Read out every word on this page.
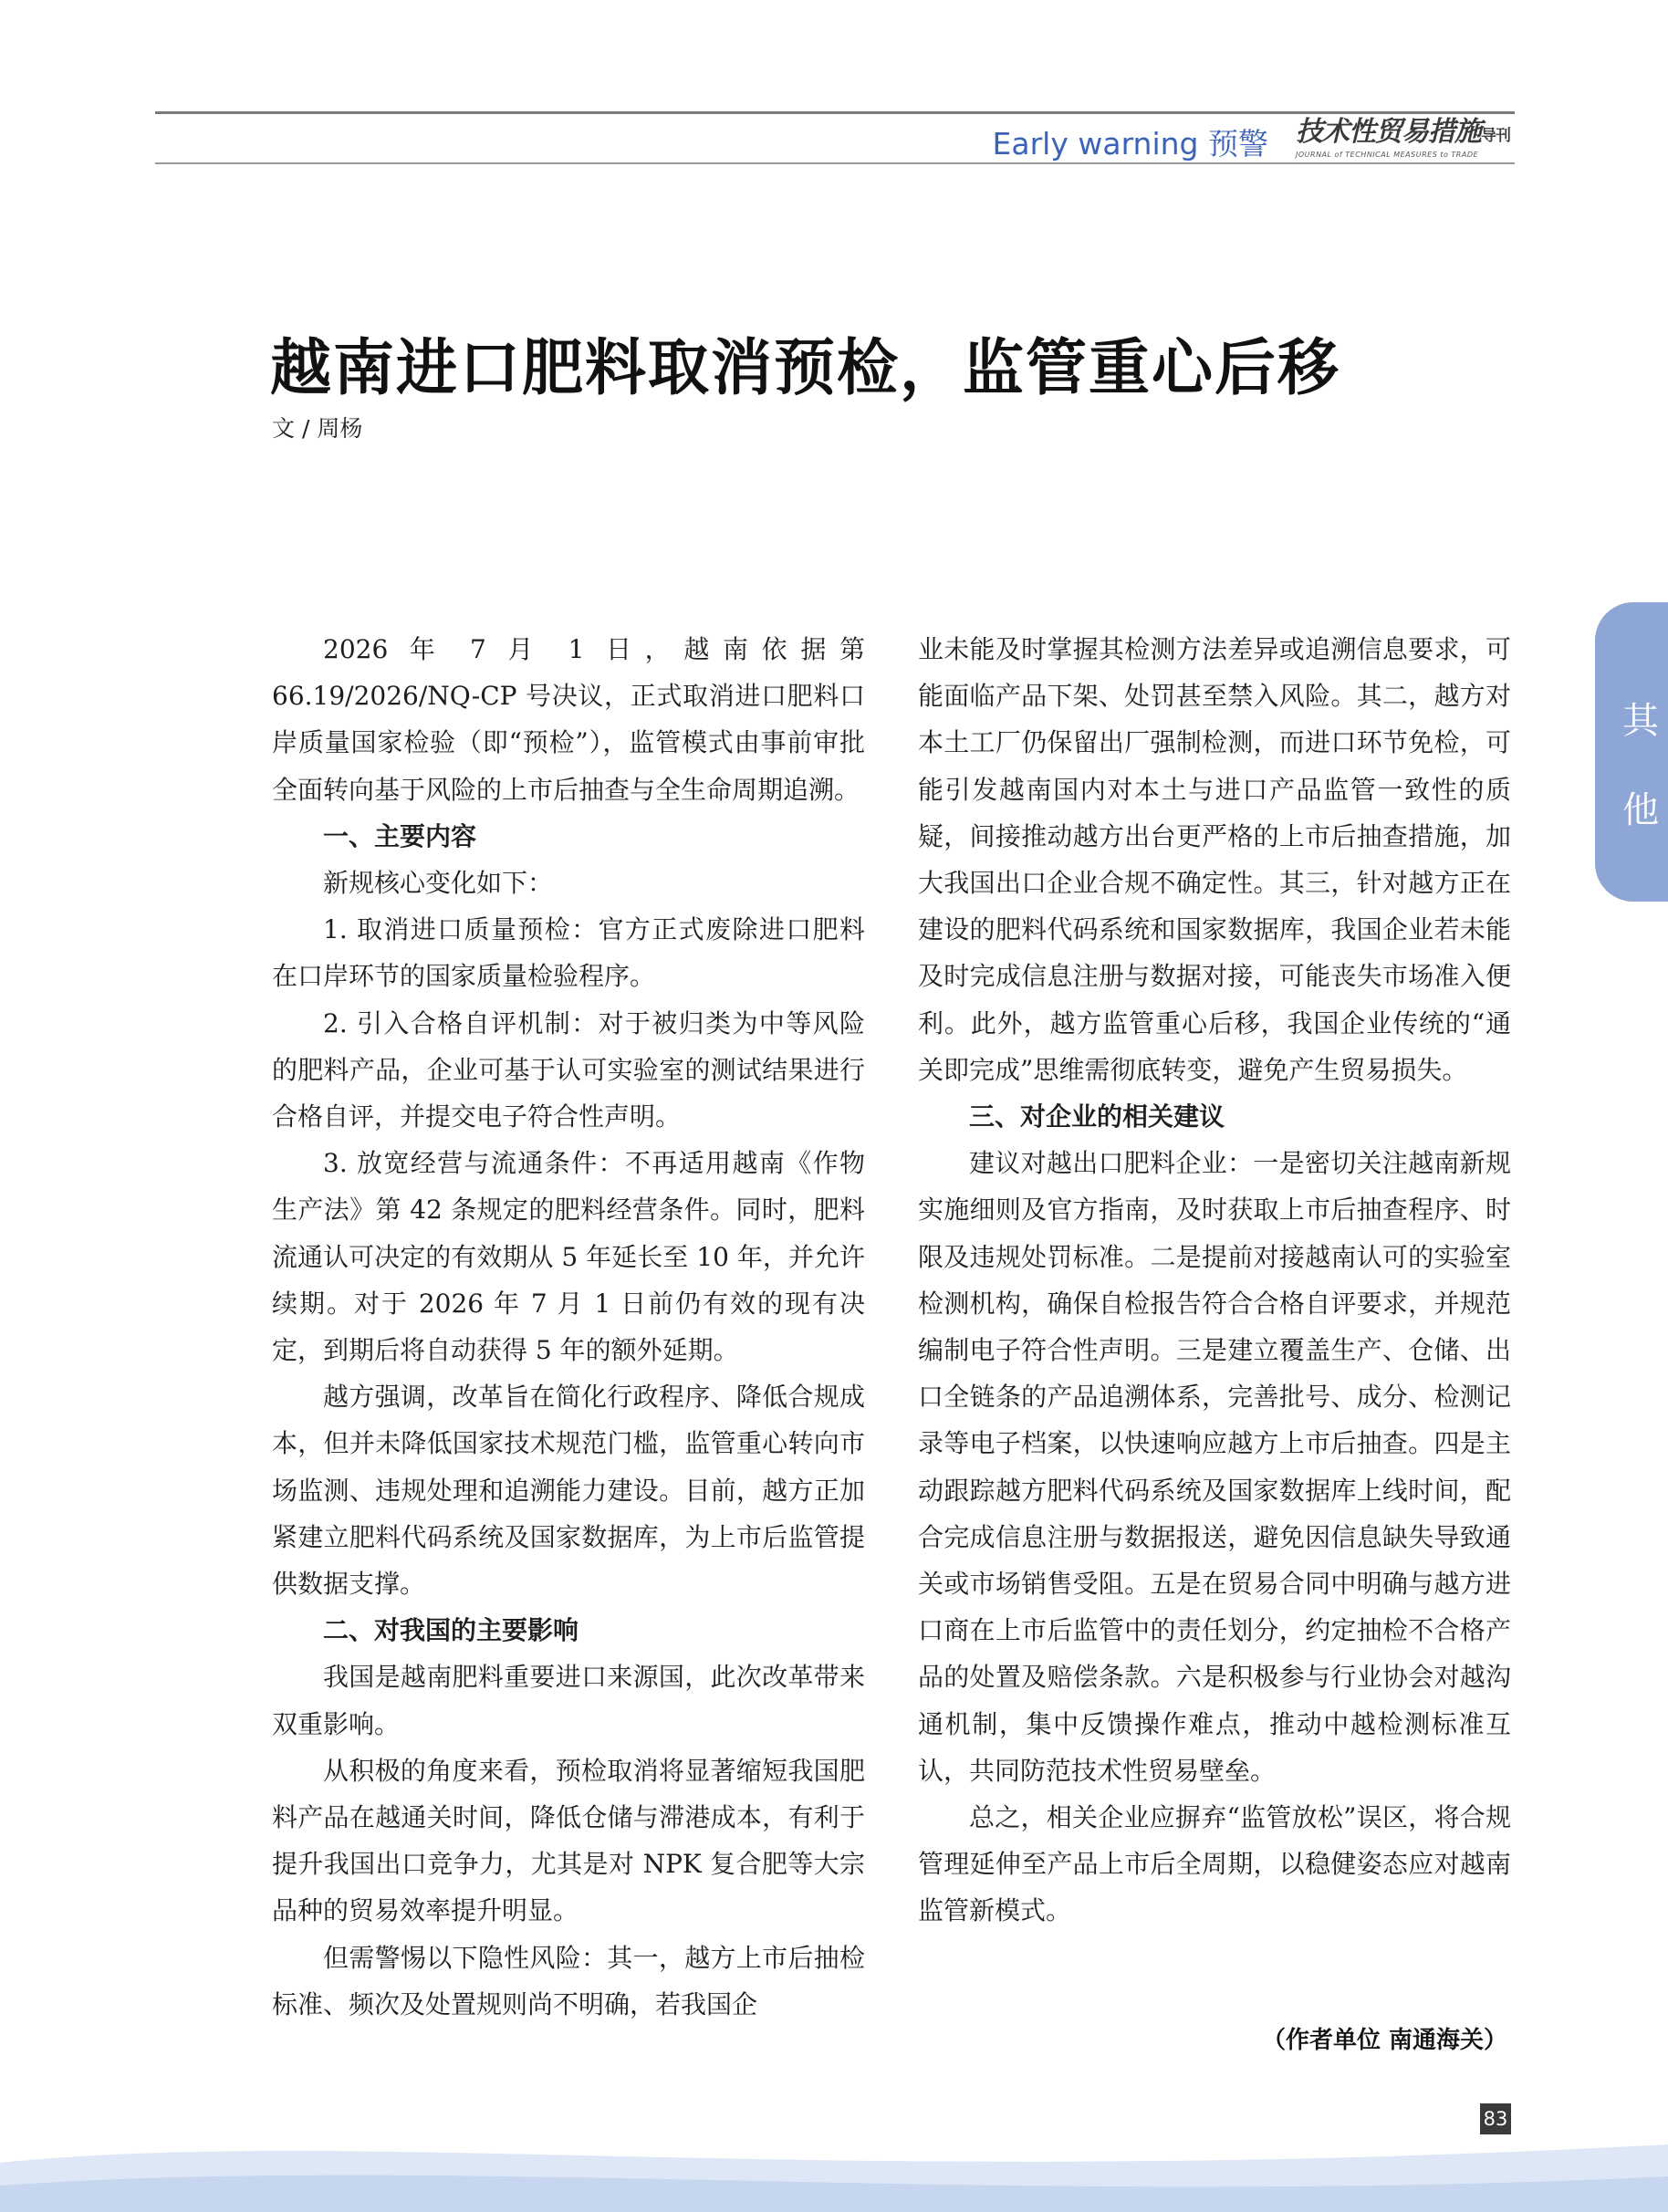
Early warning 预警 技术性贸易措施导刊
JOURNAL of TECHNICAL MEASURES to TRADE
其
他
越南进口肥料取消预检，监管重心后移
文 / 周杨

2026 年 7 月 1 日，越南依据第 66.19/2026/NQ-CP 号决议，正式取消进口肥料口岸质量国家检验（即“预检”），监管模式由事前审批全面转向基于风险的上市后抽查与全生命周期追溯。

一、主要内容

新规核心变化如下：

1. 取消进口质量预检：官方正式废除进口肥料在口岸环节的国家质量检验程序。

2. 引入合格自评机制：对于被归类为中等风险的肥料产品，企业可基于认可实验室的测试结果进行合格自评，并提交电子符合性声明。

3. 放宽经营与流通条件：不再适用越南《作物生产法》第 42 条规定的肥料经营条件。同时，肥料流通认可决定的有效期从 5 年延长至 10 年，并允许续期。对于 2026 年 7 月 1 日前仍有效的现有决定，到期后将自动获得 5 年的额外延期。

越方强调，改革旨在简化行政程序、降低合规成本，但并未降低国家技术规范门槛，监管重心转向市场监测、违规处理和追溯能力建设。目前，越方正加紧建立肥料代码系统及国家数据库，为上市后监管提供数据支撑。

二、对我国的主要影响

我国是越南肥料重要进口来源国，此次改革带来双重影响。

从积极的角度来看，预检取消将显著缩短我国肥料产品在越通关时间，降低仓储与滞港成本，有利于提升我国出口竞争力，尤其是对 NPK 复合肥等大宗品种的贸易效率提升明显。

但需警惕以下隐性风险：其一，越方上市后抽检标准、频次及处置规则尚不明确，若我国企

业未能及时掌握其检测方法差异或追溯信息要求，可能面临产品下架、处罚甚至禁入风险。其二，越方对本土工厂仍保留出厂强制检测，而进口环节免检，可能引发越南国内对本土与进口产品监管一致性的质疑，间接推动越方出台更严格的上市后抽查措施，加大我国出口企业合规不确定性。其三，针对越方正在建设的肥料代码系统和国家数据库，我国企业若未能及时完成信息注册与数据对接，可能丧失市场准入便利。此外，越方监管重心后移，我国企业传统的“通关即完成”思维需彻底转变，避免产生贸易损失。

三、对企业的相关建议

建议对越出口肥料企业：一是密切关注越南新规实施细则及官方指南，及时获取上市后抽查程序、时限及违规处罚标准。二是提前对接越南认可的实验室检测机构，确保自检报告符合合格自评要求，并规范编制电子符合性声明。三是建立覆盖生产、仓储、出口全链条的产品追溯体系，完善批号、成分、检测记录等电子档案，以快速响应越方上市后抽查。四是主动跟踪越方肥料代码系统及国家数据库上线时间，配合完成信息注册与数据报送，避免因信息缺失导致通关或市场销售受阻。五是在贸易合同中明确与越方进口商在上市后监管中的责任划分，约定抽检不合格产品的处置及赔偿条款。六是积极参与行业协会对越沟通机制，集中反馈操作难点，推动中越检测标准互认，共同防范技术性贸易壁垒。

总之，相关企业应摒弃“监管放松”误区，将合规管理延伸至产品上市后全周期，以稳健姿态应对越南监管新模式。

（作者单位 南通海关）
83
